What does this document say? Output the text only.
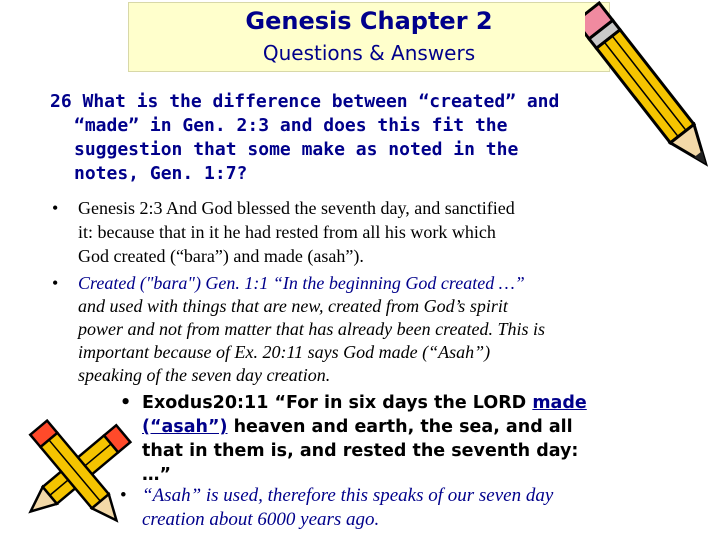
Genesis Chapter 2
Questions & Answers
26 What is the difference between “created” and
“made” in Gen. 2:3 and does this fit the
suggestion that some make as noted in the
notes, Gen. 1:7?
• Genesis 2:3 And God blessed the seventh day, and sanctified
it: because that in it he had rested from all his work which
God created (“bara”) and made (asah”).
• Created ("bara") Gen. 1:1 “In the beginning God created …”
and used with things that are new, created from God’s spirit
power and not from matter that has already been created. This is
important because of Ex. 20:11 says God made (“Asah”)
speaking of the seven day creation.
• Exodus20:11 “For in six days the LORD made
(“asah”) heaven and earth, the sea, and all
that in them is, and rested the seventh day:
…”
• “Asah” is used, therefore this speaks of our seven day
creation about 6000 years ago.
